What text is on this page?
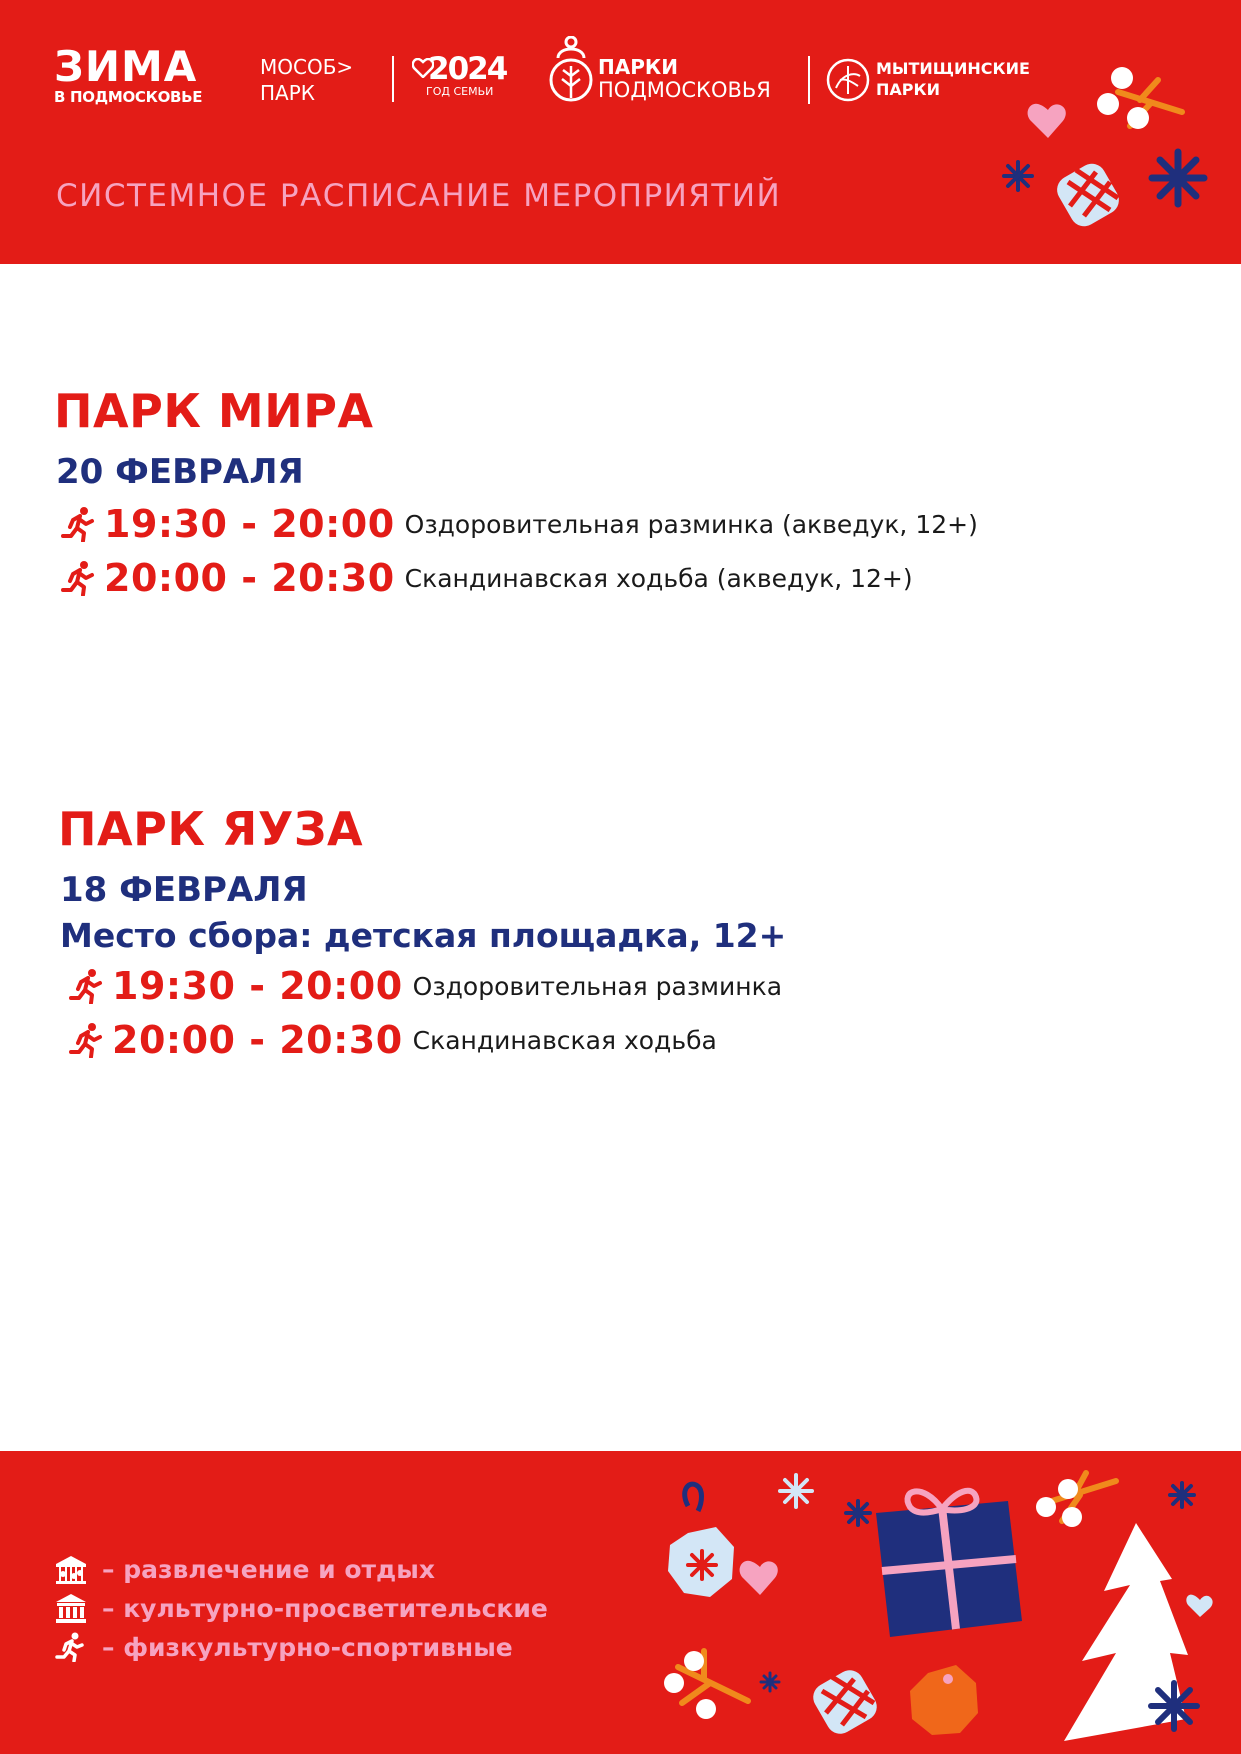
ЗИМА
В ПОДМОСКОВЬЕ
МОСОБ>
ПАРК
2024
ГОД СЕМЬИ
ПАРКИ
ПОДМОСКОВЬЯ
МЫТИЩИНСКИЕ
ПАРКИ
СИСТЕМНОЕ РАСПИСАНИЕ МЕРОПРИЯТИЙ
ПАРК МИРА
20 ФЕВРАЛЯ
19:30 - 20:00 Оздоровительная разминка (акведук, 12+)
20:00 - 20:30 Скандинавская ходьба (акведук, 12+)
ПАРК ЯУЗА
18 ФЕВРАЛЯ
Место сбора: детская площадка, 12+
19:30 - 20:00 Оздоровительная разминка
20:00 - 20:30 Скандинавская ходьба
– развлечение и отдых
– культурно-просветительские
– физкультурно-спортивные
